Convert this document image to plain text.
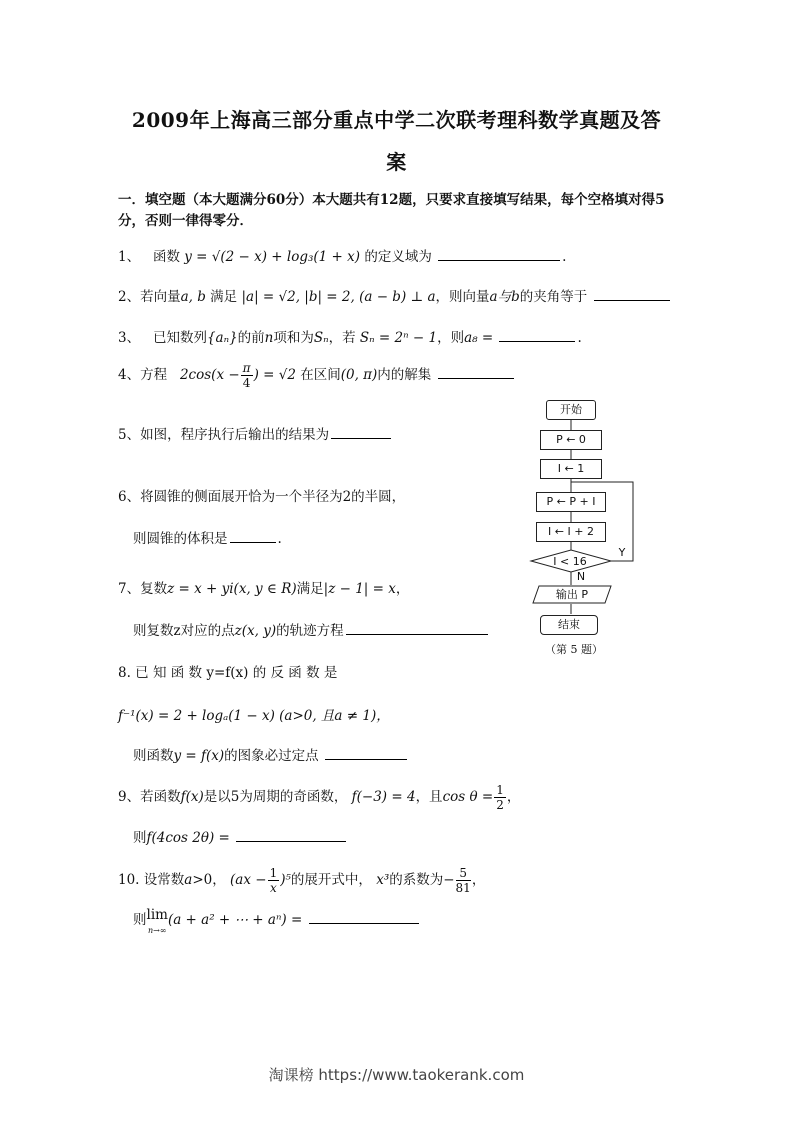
2009年上海高三部分重点中学二次联考理科数学真题及答
案
一．填空题（本大题满分60分）本大题共有12题，只要求直接填写结果，每个空格填对得5分，否则一律得零分．
1、 函数 y = √(2 − x) + log₃(1 + x) 的定义域为	.
2、若向量a, b 满足 |a| = √2, |b| = 2, (a − b) ⊥ a，则向量a与b的夹角等于
3、 已知数列{aₙ}的前n项和为Sₙ，若 Sₙ = 2ⁿ − 1，则a₈ =	.
4、方程 $2\cos(x - \frac{\pi}{4}$ ) = √2 在区间(0, π)内的解集
5、如图，程序执行后输出的结果为
6、将圆锥的侧面展开恰为一个半径为2的半圆，
则圆锥的体积是	.
7、复数z = x + yi(x, y ∈ R)满足|z − 1| = x，
则复数z对应的点z(x, y)的轨迹方程
8. 已 知 函 数 y=f(x) 的 反 函 数 是
f⁻¹(x) = 2 + logₐ(1 − x) (a>0, 且a ≠ 1)，
则函数y = f(x)的图象必过定点
9、若函数f(x)是以5为周期的奇函数， f(−3) = 4，且$\cos \theta = \frac{1}{2}$ ，
则f(4cos 2θ) =
10. 设常数a>0， $(ax - \frac{1}{x} )^5$的展开式中， x³的系数为− $\frac{5}{81}$ ，
则lim
n→∞(a + a² + ⋯ + aⁿ) =
开始
P ← 0
I ← 1
P ← P + I
I ← I + 2
I < 16
Y
N
输出 P
结束
（第 5 题）
淘课榜 https://www.taokerank.com
